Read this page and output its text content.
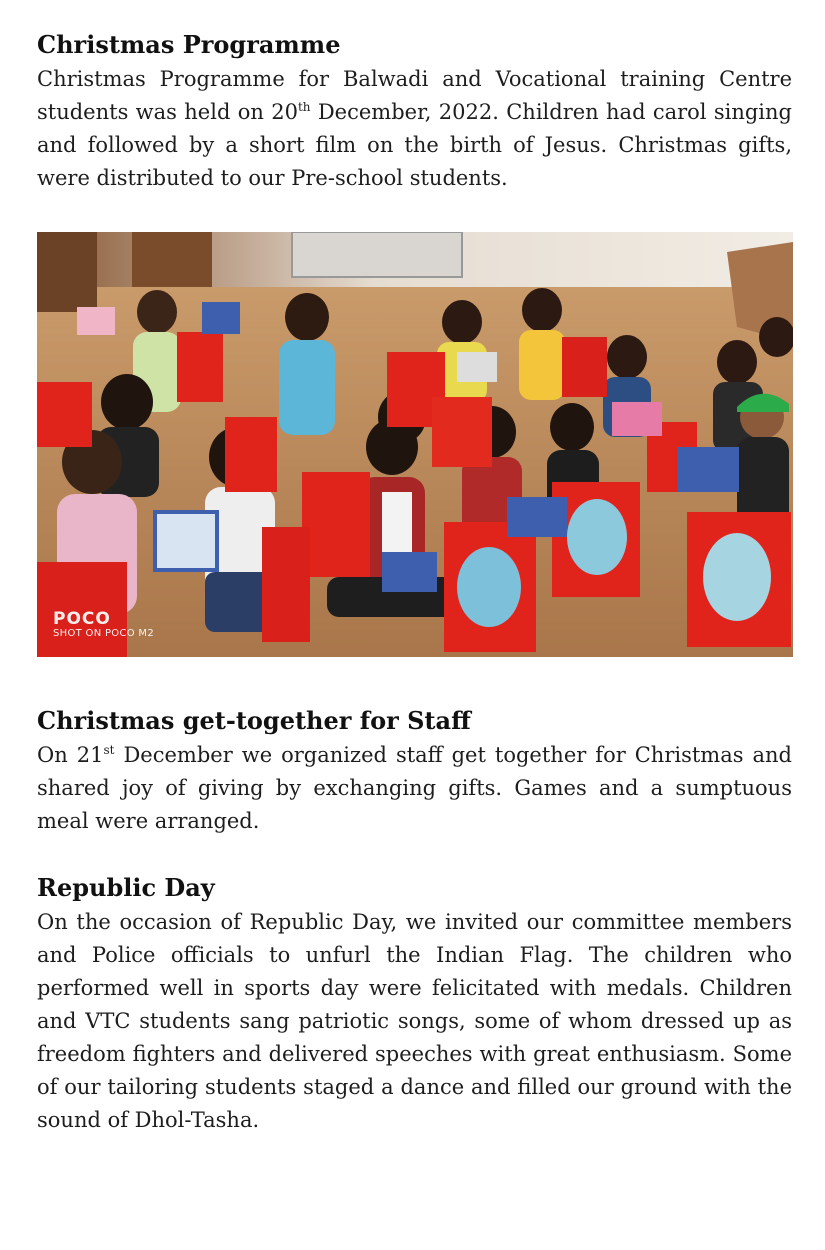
Christmas Programme

Christmas Programme for Balwadi and Vocational training Centre students was held on 20th December, 2022. Children had carol singing and followed by a short film on the birth of Jesus. Christmas gifts, were distributed to our Pre-school students.

POCO
SHOT ON POCO M2
Christmas get-together for Staff

On 21st December we organized staff get together for Christmas and shared joy of giving by exchanging gifts. Games and a sumptuous meal were arranged.

Republic Day

On the occasion of Republic Day, we invited our committee members and Police officials to unfurl the Indian Flag. The children who performed well in sports day were felicitated with medals. Children and VTC students sang patriotic songs, some of whom dressed up as freedom fighters and delivered speeches with great enthusiasm. Some of our tailoring students staged a dance and filled our ground with the sound of Dhol-Tasha.
